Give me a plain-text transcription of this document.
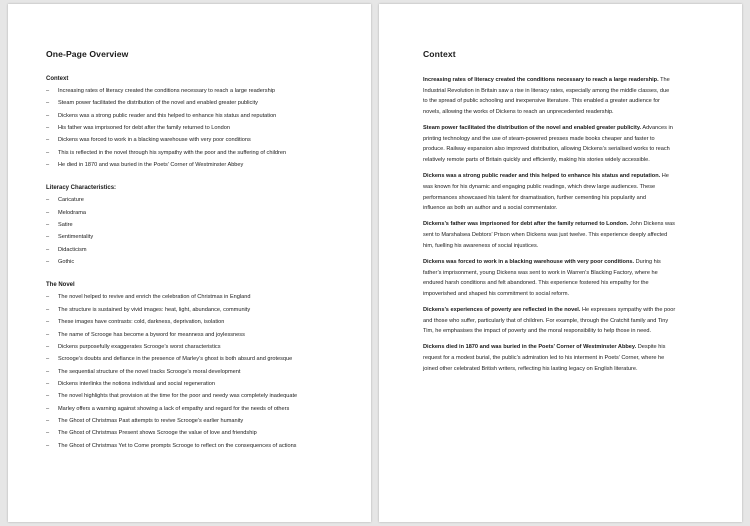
One-Page Overview
Context
– Increasing rates of literacy created the conditions necessary to reach a large readership
– Steam power facilitated the distribution of the novel and enabled greater publicity
– Dickens was a strong public reader and this helped to enhance his status and reputation
– His father was imprisoned for debt after the family returned to London
– Dickens was forced to work in a blacking warehouse with very poor conditions
– This is reflected in the novel through his sympathy with the poor and the suffering of children
– He died in 1870 and was buried in the Poets’ Corner of Westminster Abbey
Literacy Characteristics:
– Caricature
– Melodrama
– Satire
– Sentimentality
– Didacticism
– Gothic
The Novel
– The novel helped to revive and enrich the celebration of Christmas in England
– The structure is sustained by vivid images: heat, light, abundance, community
– These images have contrasts: cold, darkness, deprivation, isolation
– The name of Scrooge has become a byword for meanness and joylessness
– Dickens purposefully exaggerates Scrooge’s worst characteristics
– Scrooge’s doubts and defiance in the presence of Marley’s ghost is both absurd and grotesque
– The sequential structure of the novel tracks Scrooge’s moral development
– Dickens interlinks the notions individual and social regeneration
– The novel highlights that provision at the time for the poor and needy was completely inadequate
– Marley offers a warning against showing a lack of empathy and regard for the needs of others
– The Ghost of Christmas Past attempts to revive Scrooge’s earlier humanity
– The Ghost of Christmas Present shows Scrooge the value of love and friendship
– The Ghost of Christmas Yet to Come prompts Scrooge to reflect on the consequences of actions
Context

Increasing rates of literacy created the conditions necessary to reach a large readership. The
Industrial Revolution in Britain saw a rise in literacy rates, especially among the middle classes, due
to the spread of public schooling and inexpensive literature. This enabled a greater audience for
novels, allowing the works of Dickens to reach an unprecedented readership.

Steam power facilitated the distribution of the novel and enabled greater publicity. Advances in
printing technology and the use of steam-powered presses made books cheaper and faster to
produce. Railway expansion also improved distribution, allowing Dickens’s serialised works to reach
relatively remote parts of Britain quickly and efficiently, making his stories widely accessible.

Dickens was a strong public reader and this helped to enhance his status and reputation. He
was known for his dynamic and engaging public readings, which drew large audiences. These
performances showcased his talent for dramatisation, further cementing his popularity and
influence as both an author and a social commentator.

Dickens’s father was imprisoned for debt after the family returned to London. John Dickens was
sent to Marshalsea Debtors’ Prison when Dickens was just twelve. This experience deeply affected
him, fuelling his awareness of social injustices.

Dickens was forced to work in a blacking warehouse with very poor conditions. During his
father’s imprisonment, young Dickens was sent to work in Warren’s Blacking Factory, where he
endured harsh conditions and felt abandoned. This experience fostered his empathy for the
impoverished and shaped his commitment to social reform.

Dickens’s experiences of poverty are reflected in the novel. He expresses sympathy with the poor
and those who suffer, particularly that of children. For example, through the Cratchit family and Tiny
Tim, he emphasises the impact of poverty and the moral responsibility to help those in need.

Dickens died in 1870 and was buried in the Poets’ Corner of Westminster Abbey. Despite his
request for a modest burial, the public’s admiration led to his interment in Poets’ Corner, where he
joined other celebrated British writers, reflecting his lasting legacy on English literature.
